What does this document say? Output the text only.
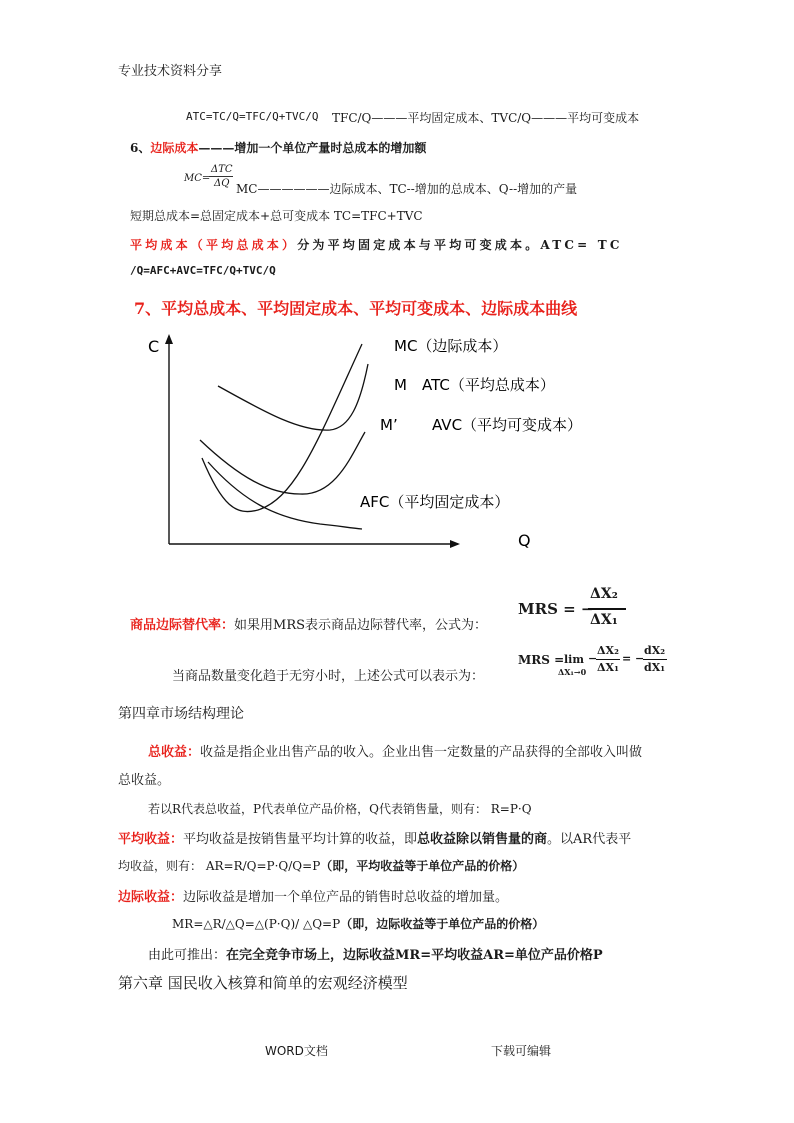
专业技术资料分享
ATC=TC/Q=TFC/Q+TVC/Q TFC/Q———平均固定成本、TVC/Q———平均可变成本
6、边际成本———增加一个单位产量时总成本的增加额
MC=
ΔTC
ΔQ MC——————边际成本、TC--增加的总成本、Q--增加的产量
短期总成本=总固定成本+总可变成本 TC=TFC+TVC
平均成本（平均总成本）分为平均固定成本与平均可变成本。ATC= TC
/Q=AFC+AVC=TFC/Q+TVC/Q
7、平均总成本、平均固定成本、平均可变成本、边际成本曲线
C
Q
MC（边际成本）
M ATC（平均总成本）
M’ AVC（平均可变成本）
AFC（平均固定成本）
商品边际替代率：如果用MRS表示商品边际替代率，公式为：
MRS = −
ΔX₂
ΔX₁
当商品数量变化趋于无穷小时，上述公式可以表示为：
MRS = lim
ΔX₁→0
−
ΔX₂
ΔX₁
= −
dX₂
dX₁
第四章市场结构理论
总收益：收益是指企业出售产品的收入。企业出售一定数量的产品获得的全部收入叫做
总收益。
若以R代表总收益，P代表单位产品价格，Q代表销售量，则有： R=P·Q
平均收益：平均收益是按销售量平均计算的收益，即总收益除以销售量的商。以AR代表平
均收益，则有： AR=R/Q=P·Q/Q=P（即，平均收益等于单位产品的价格）
边际收益：边际收益是增加一个单位产品的销售时总收益的增加量。
MR=△R/△Q=△(P·Q)/ △Q=P（即，边际收益等于单位产品的价格）
由此可推出：在完全竞争市场上，边际收益MR=平均收益AR=单位产品价格P
第六章 国民收入核算和简单的宏观经济模型
WORD文档	下载可编辑
